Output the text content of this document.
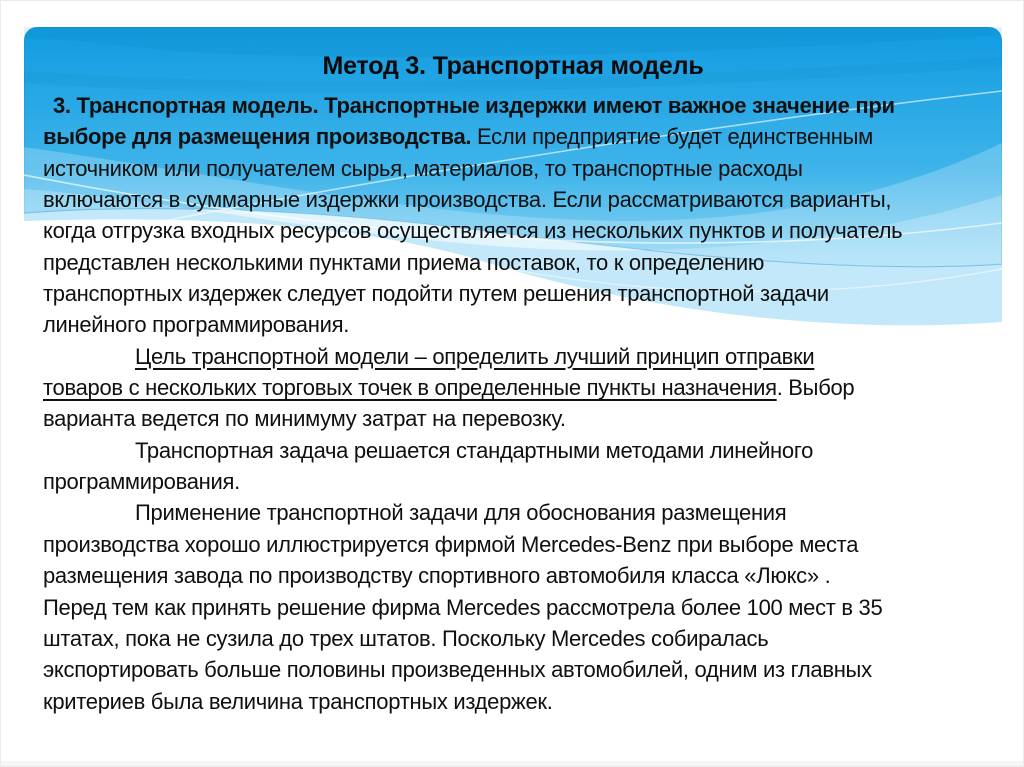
Метод 3. Транспортная модель
3. Транспортная модель. Транспортные издержки имеют важное значение при
выборе для размещения производства. Если предприятие будет единственным
источником или получателем сырья, материалов, то транспортные расходы
включаются в суммарные издержки производства. Если рассматриваются варианты,
когда отгрузка входных ресурсов осуществляется из нескольких пунктов и получатель
представлен несколькими пунктами приема поставок, то к определению
транспортных издержек следует подойти путем решения транспортной задачи
линейного программирования.
Цель транспортной модели – определить лучший принцип отправки
товаров с нескольких торговых точек в определенные пункты назначения. Выбор
варианта ведется по минимуму затрат на перевозку.
Транспортная задача решается стандартными методами линейного
программирования.
Применение транспортной задачи для обоснования размещения
производства хорошо иллюстрируется фирмой Mercedes-Benz при выборе места
размещения завода по производству спортивного автомобиля класса «Люкс» .
Перед тем как принять решение фирма Mercedes рассмотрела более 100 мест в 35
штатах, пока не сузила до трех штатов. Поскольку Mercedes собиралась
экспортировать больше половины произведенных автомобилей, одним из главных
критериев была величина транспортных издержек.
